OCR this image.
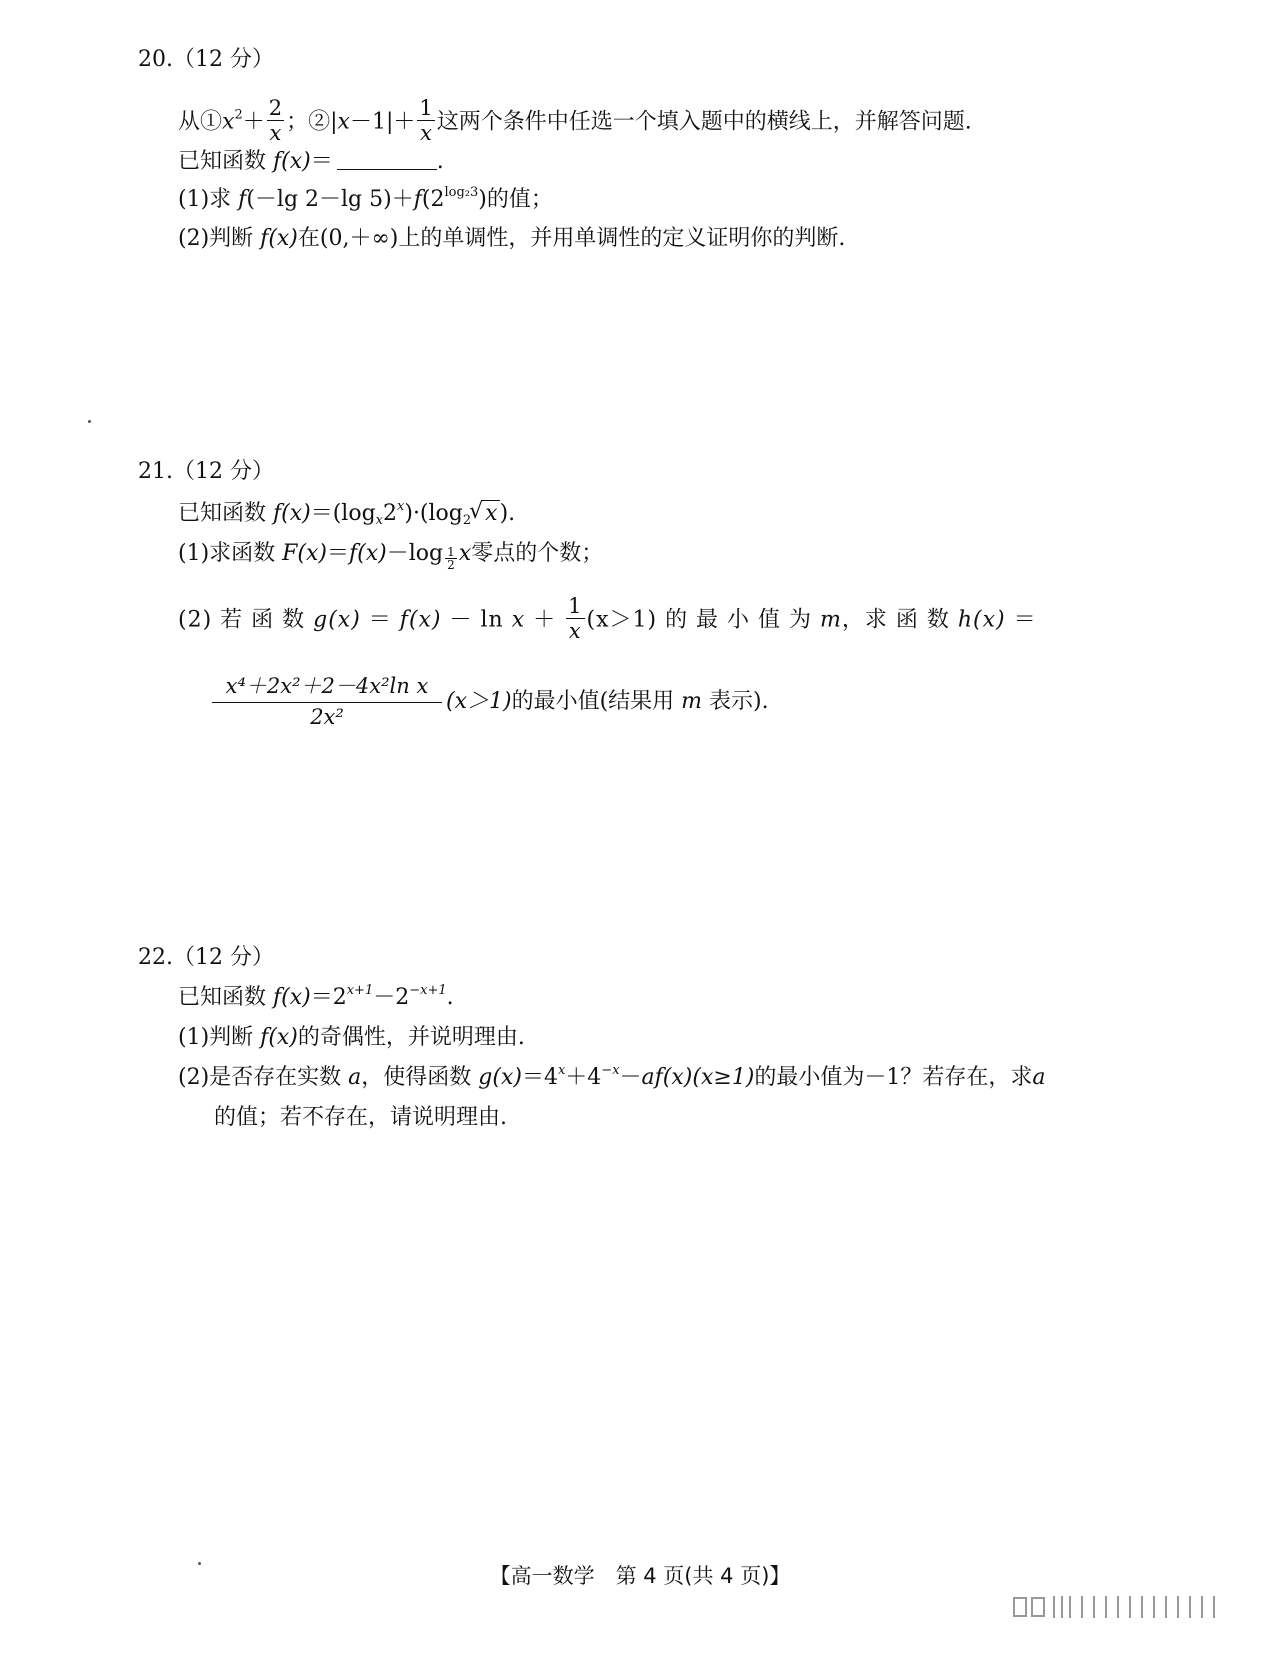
20.（12 分）
从$①x^2+ \frac{2}{x}$ ；②|x－1|＋ $\frac{1}{x}$ 这两个条件中任选一个填入题中的横线上，并解答问题.
已知函数 f(x)＝	.
(1)求 f(－lg 2－lg $5)+f(2^{log_23})$的值；
(2)判断 f(x)在(0,＋∞)上的单调性，并用单调性的定义证明你的判断.
21.（12 分）
已知函数 $f(x)=(\log_x2^x)\cdot(\log_2√$ x).
(1)求函数 F(x)＝f(x)－log $_{\frac{1}{2}}$ x零点的个数；
(2) 若 函 数 $g(x) = f(x) - \ln x + \frac{1}{x} (x>1)$ 的 最 小 值 为 m，求 函 数 h(x) ＝
$\frac{\text{x⁴＋2x²＋2－4x²ln x}}{\text{2x²}} (x>1)$的最小值(结果用 m 表示).
22.（12 分）
已知函数 $f(x)=2^{x+1}-2^{-x+1}$.
(1)判断 f(x)的奇偶性，并说明理由.
(2)是否存在实数 a，使得函数 $g(x)=4^x+4^{-x}-af(x)(x\ge 1)$的最小值为－1？若存在，求a
的值；若不存在，请说明理由.
【高一数学　第 4 页(共 4 页)】
